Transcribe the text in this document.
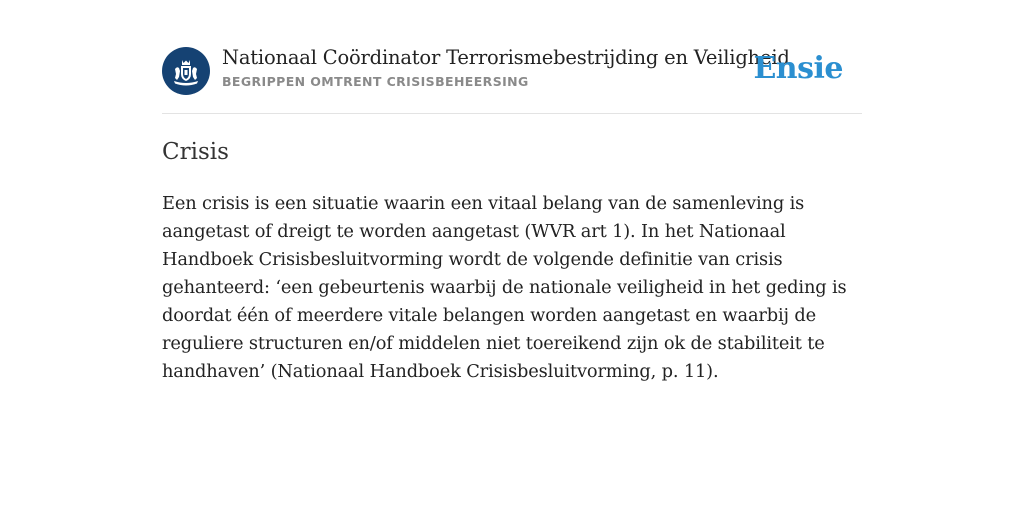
Nationaal Coördinator Terrorismebestrijding en Veiligheid
BEGRIPPEN OMTRENT CRISISBEHEERSING	Ensie
Crisis

Een crisis is een situatie waarin een vitaal belang van de samenleving is aangetast of dreigt te worden aangetast (WVR art 1). In het Nationaal Handboek Crisisbesluitvorming wordt de volgende definitie van crisis gehanteerd: ‘een gebeurtenis waarbij de nationale veiligheid in het geding is doordat één of meerdere vitale belangen worden aangetast en waarbij de reguliere structuren en/of middelen niet toereikend zijn ok de stabiliteit te handhaven’ (Nationaal Handboek Crisisbesluitvorming, p. 11).
